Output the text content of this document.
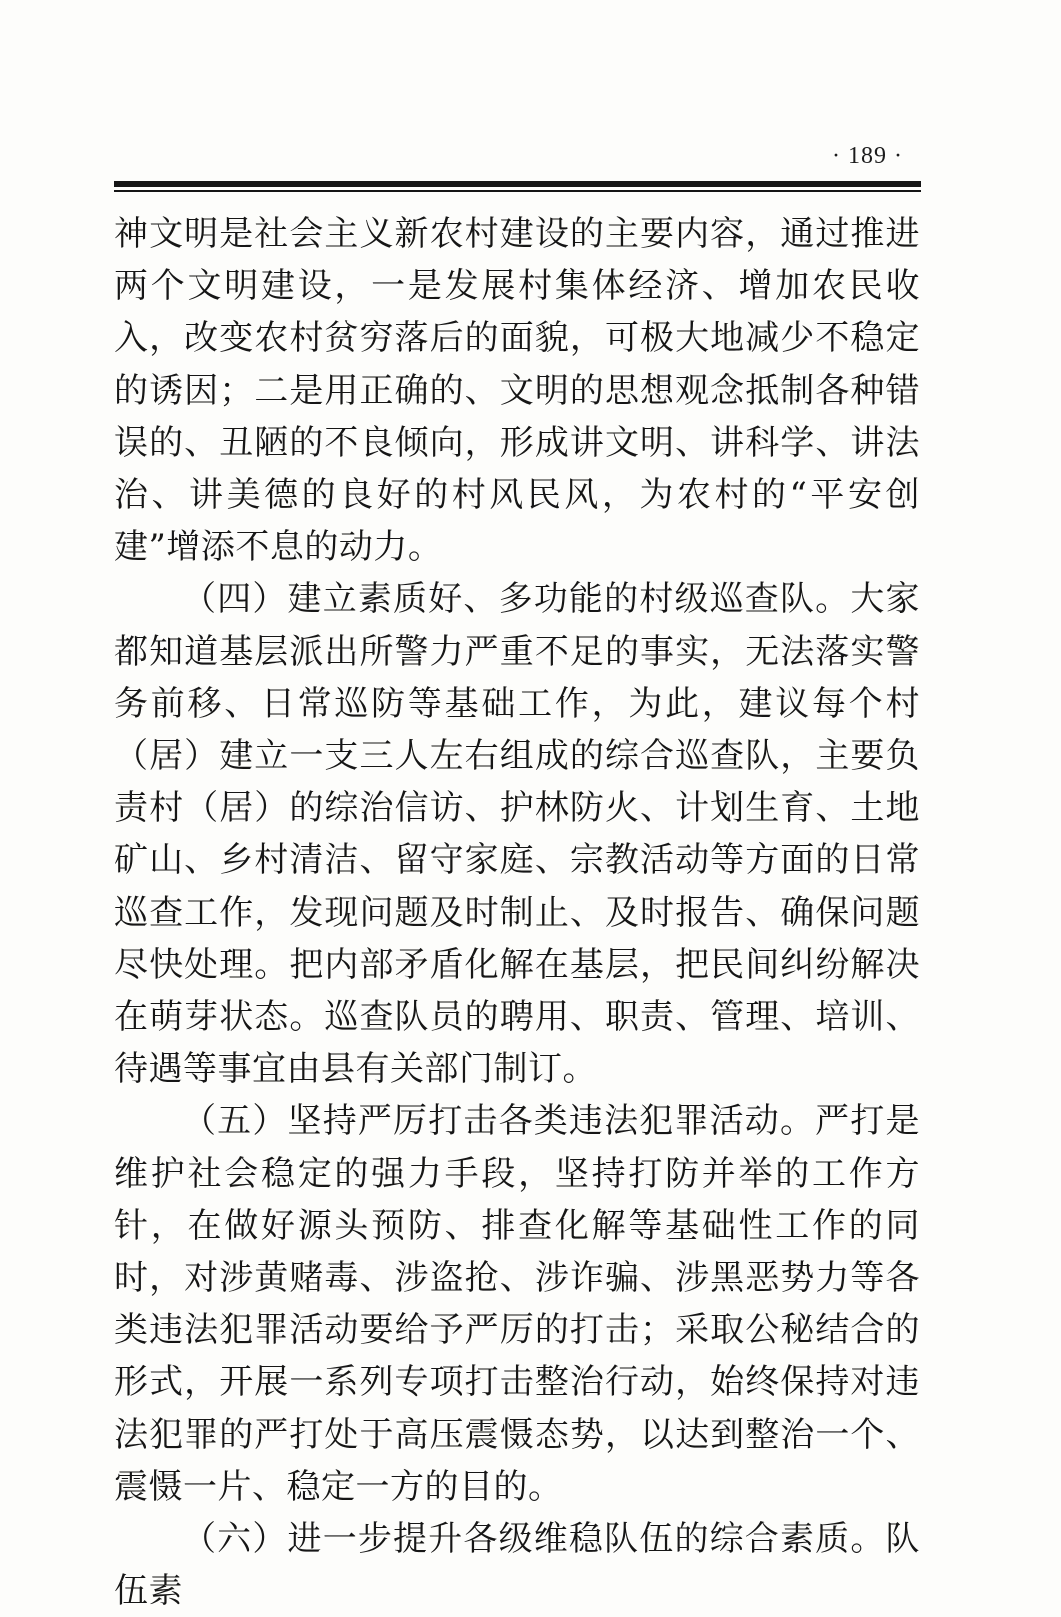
· 189 ·

神文明是社会主义新农村建设的主要内容，通过推进两个文明建设，一是发展村集体经济、增加农民收入，改变农村贫穷落后的面貌，可极大地减少不稳定的诱因；二是用正确的、文明的思想观念抵制各种错误的、丑陋的不良倾向，形成讲文明、讲科学、讲法治、讲美德的良好的村风民风，为农村的“平安创建”增添不息的动力。

（四）建立素质好、多功能的村级巡查队。大家都知道基层派出所警力严重不足的事实，无法落实警务前移、日常巡防等基础工作，为此，建议每个村（居）建立一支三人左右组成的综合巡查队，主要负责村（居）的综治信访、护林防火、计划生育、土地矿山、乡村清洁、留守家庭、宗教活动等方面的日常巡查工作，发现问题及时制止、及时报告、确保问题尽快处理。把内部矛盾化解在基层，把民间纠纷解决在萌芽状态。巡查队员的聘用、职责、管理、培训、待遇等事宜由县有关部门制订。

（五）坚持严厉打击各类违法犯罪活动。严打是维护社会稳定的强力手段，坚持打防并举的工作方针，在做好源头预防、排查化解等基础性工作的同时，对涉黄赌毒、涉盗抢、涉诈骗、涉黑恶势力等各类违法犯罪活动要给予严厉的打击；采取公秘结合的形式，开展一系列专项打击整治行动，始终保持对违法犯罪的严打处于高压震慑态势，以达到整治一个、震慑一片、稳定一方的目的。

（六）进一步提升各级维稳队伍的综合素质。队伍素
